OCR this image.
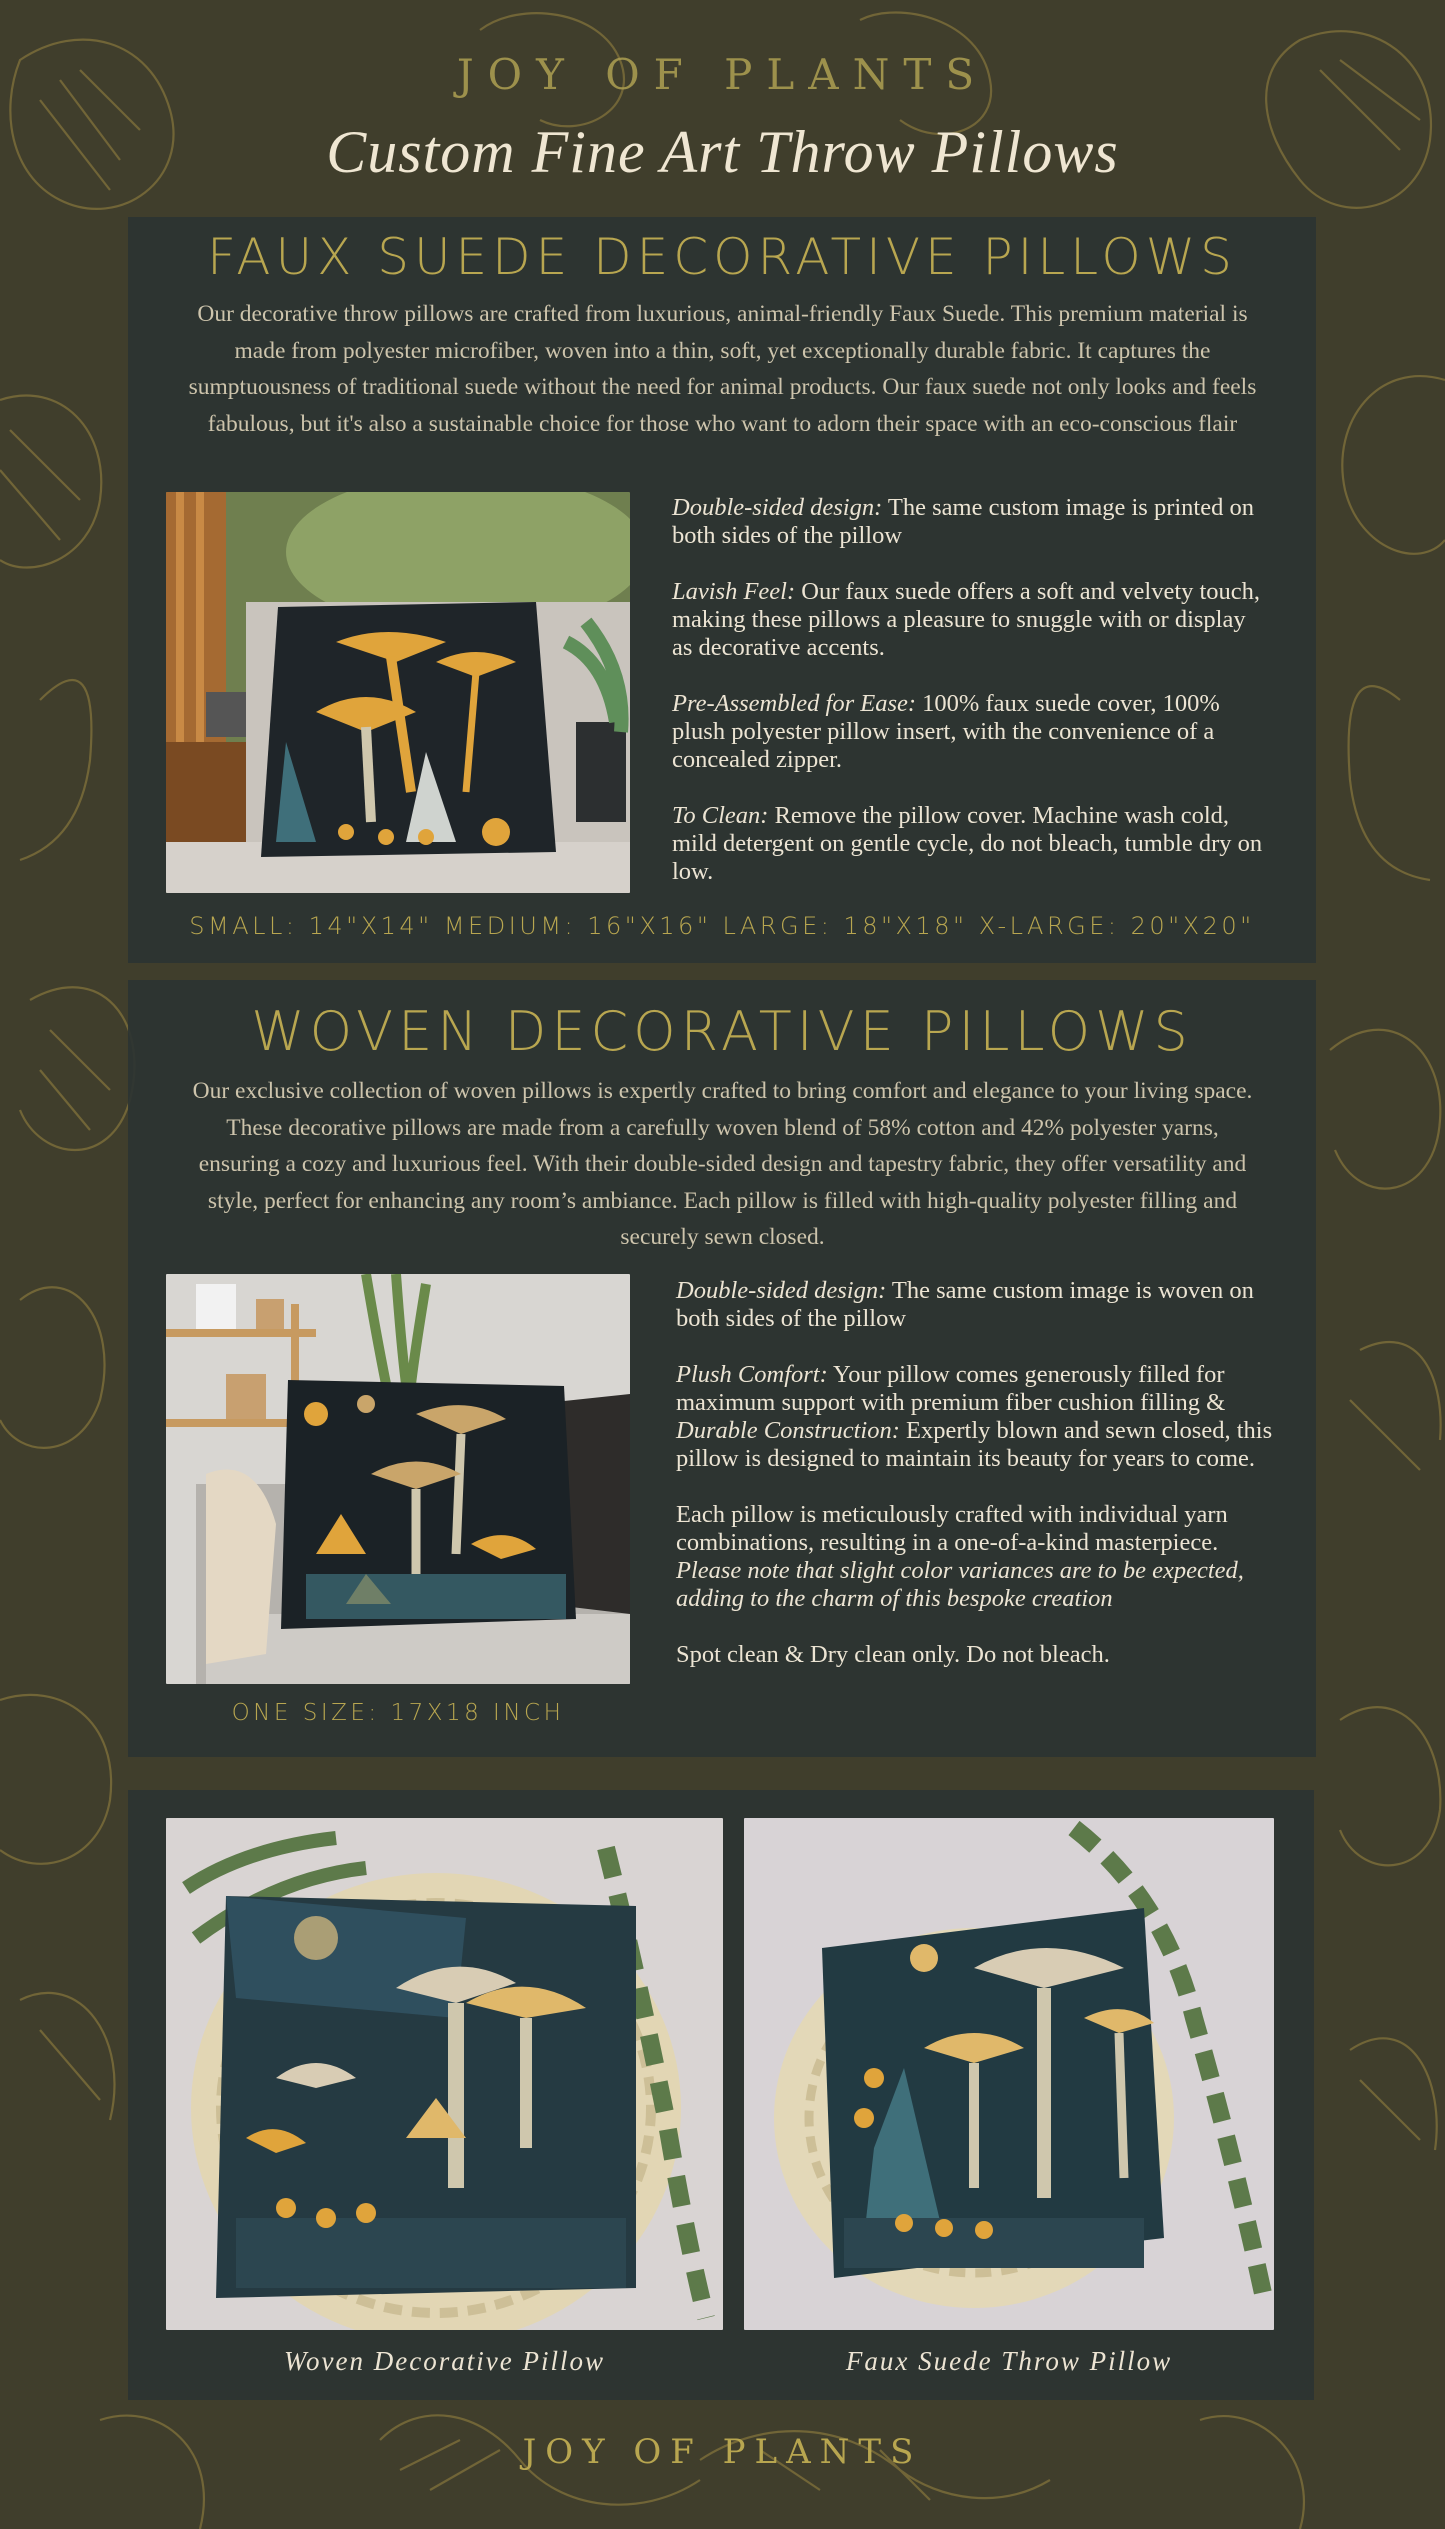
JOY OF PLANTS
Custom Fine Art Throw Pillows
FAUX SUEDE DECORATIVE PILLOWS
Our decorative throw pillows are crafted from luxurious, animal-friendly Faux Suede. This premium material is made from polyester microfiber, woven into a thin, soft, yet exceptionally durable fabric. It captures the sumptuousness of traditional suede without the need for animal products. Our faux suede not only looks and feels fabulous, but it's also a sustainable choice for those who want to adorn their space with an eco-conscious flair

Double-sided design: The same custom image is printed on both sides of the pillow

Lavish Feel: Our faux suede offers a soft and velvety touch, making these pillows a pleasure to snuggle with or display as decorative accents.

Pre-Assembled for Ease: 100% faux suede cover, 100% plush polyester pillow insert, with the convenience of a concealed zipper.

To Clean: Remove the pillow cover. Machine wash cold, mild detergent on gentle cycle, do not bleach, tumble dry on low.

SMALL: 14"X14" MEDIUM: 16"X16" LARGE: 18"X18" X-LARGE: 20"X20"
WOVEN DECORATIVE PILLOWS
Our exclusive collection of woven pillows is expertly crafted to bring comfort and elegance to your living space. These decorative pillows are made from a carefully woven blend of 58% cotton and 42% polyester yarns, ensuring a cozy and luxurious feel. With their double-sided design and tapestry fabric, they offer versatility and style, perfect for enhancing any room’s ambiance. Each pillow is filled with high-quality polyester filling and securely sewn closed.

Double-sided design: The same custom image is woven on both sides of the pillow

Plush Comfort: Your pillow comes generously filled for maximum support with premium fiber cushion filling & Durable Construction: Expertly blown and sewn closed, this pillow is designed to maintain its beauty for years to come.

Each pillow is meticulously crafted with individual yarn combinations, resulting in a one-of-a-kind masterpiece. Please note that slight color variances are to be expected, adding to the charm of this bespoke creation

Spot clean & Dry clean only. Do not bleach.

ONE SIZE: 17X18 INCH
Woven Decorative Pillow	Faux Suede Throw Pillow
JOY OF PLANTS
